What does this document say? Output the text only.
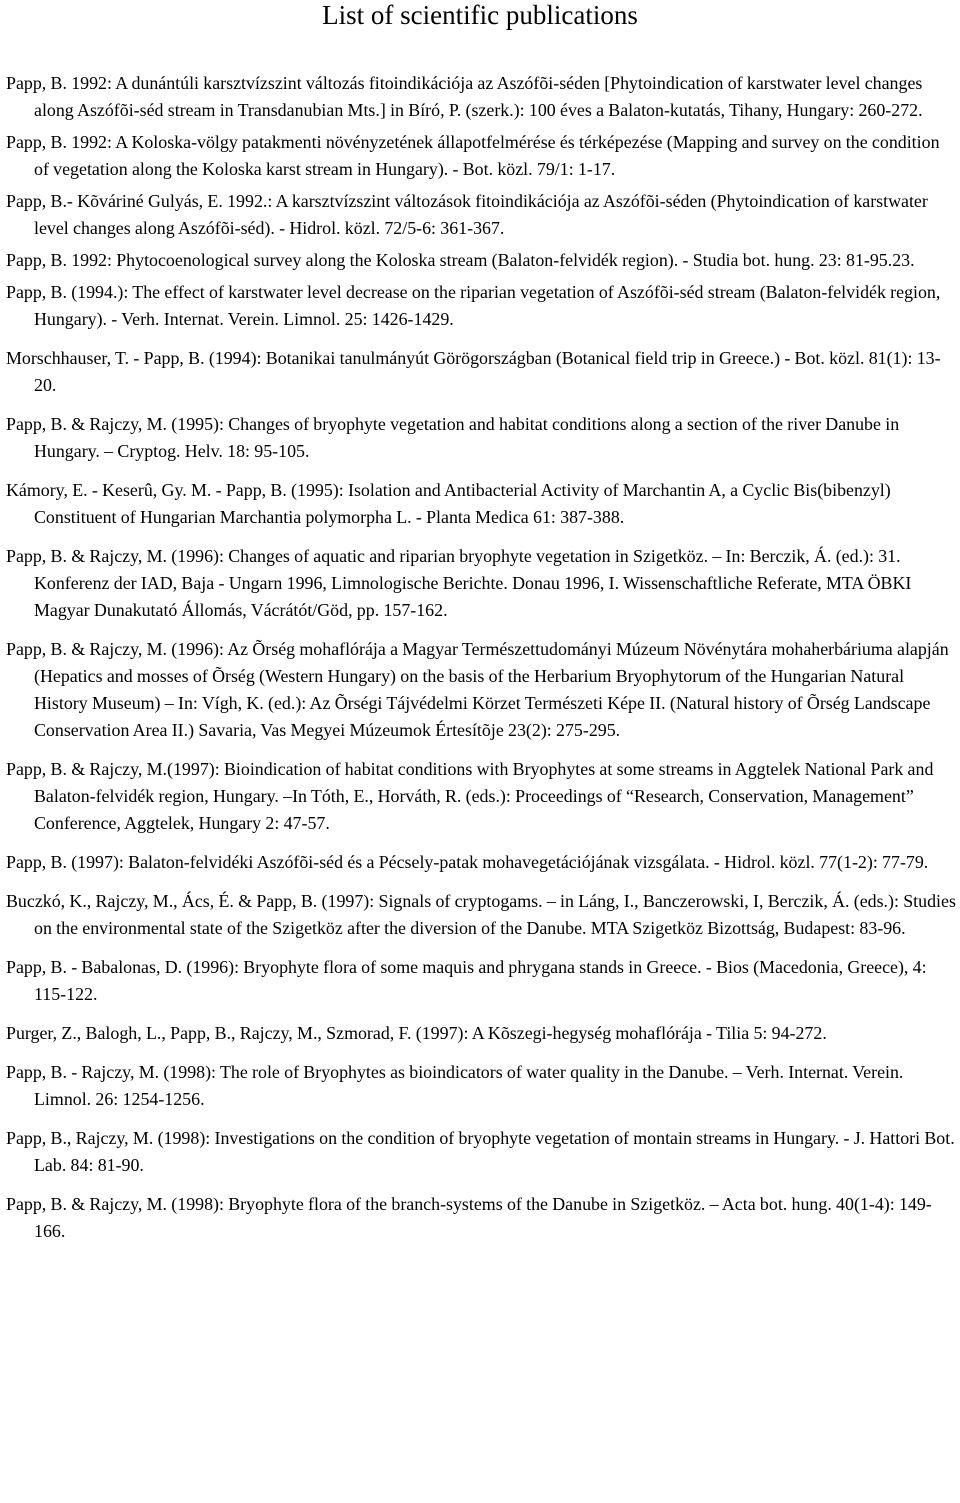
List of scientific publications
Papp, B. 1992: A dunántúli karsztvízszint változás fitoindikációja az Aszófõi-séden [Phytoindication of karstwater level changes along Aszófõi-séd stream in Transdanubian Mts.] in Bíró, P. (szerk.): 100 éves a Balaton-kutatás, Tihany, Hungary: 260-272.
Papp, B. 1992: A Koloska-völgy patakmenti növényzetének állapotfelmérése és térképezése (Mapping and survey on the condition of vegetation along the Koloska karst stream in Hungary). - Bot. közl. 79/1: 1-17.
Papp, B.- Kõváriné Gulyás, E. 1992.: A karsztvízszint változások fitoindikációja az Aszófõi-séden (Phytoindication of karstwater level changes along Aszófõi-séd). - Hidrol. közl. 72/5-6: 361-367.
Papp, B. 1992: Phytocoenological survey along the Koloska stream (Balaton-felvidék region). - Studia bot. hung. 23: 81-95.23.
Papp, B. (1994.): The effect of karstwater level decrease on the riparian vegetation of Aszófõi-séd stream (Balaton-felvidék region, Hungary). - Verh. Internat. Verein. Limnol. 25: 1426-1429.
Morschhauser, T. - Papp, B. (1994): Botanikai tanulmányút Görögországban (Botanical field trip in Greece.) - Bot. közl. 81(1): 13-20.
Papp, B. & Rajczy, M. (1995): Changes of bryophyte vegetation and habitat conditions along a section of the river Danube in Hungary. – Cryptog. Helv. 18: 95-105.
Kámory, E. - Keserû, Gy. M. - Papp, B. (1995): Isolation and Antibacterial Activity of Marchantin A, a Cyclic Bis(bibenzyl) Constituent of Hungarian Marchantia polymorpha L. - Planta Medica 61: 387-388.
Papp, B. & Rajczy, M. (1996): Changes of aquatic and riparian bryophyte vegetation in Szigetköz. – In: Berczik, Á. (ed.): 31. Konferenz der IAD, Baja - Ungarn 1996, Limnologische Berichte. Donau 1996, I. Wissenschaftliche Referate, MTA ÖBKI Magyar Dunakutató Állomás, Vácrátót/Göd, pp. 157-162.
Papp, B. & Rajczy, M. (1996): Az Õrség mohaflórája a Magyar Természettudományi Múzeum Növénytára mohaherbáriuma alapján (Hepatics and mosses of Õrség (Western Hungary) on the basis of the Herbarium Bryophytorum of the Hungarian Natural History Museum) – In: Vígh, K. (ed.): Az Õrségi Tájvédelmi Körzet Természeti Képe II. (Natural history of Õrség Landscape Conservation Area II.) Savaria, Vas Megyei Múzeumok Értesítõje 23(2): 275-295.
Papp, B. & Rajczy, M.(1997): Bioindication of habitat conditions with Bryophytes at some streams in Aggtelek National Park and Balaton-felvidék region, Hungary. –In Tóth, E., Horváth, R. (eds.): Proceedings of “Research, Conservation, Management” Conference, Aggtelek, Hungary 2: 47-57.
Papp, B. (1997): Balaton-felvidéki Aszófõi-séd és a Pécsely-patak mohavegetációjának vizsgálata. - Hidrol. közl. 77(1-2): 77-79.
Buczkó, K., Rajczy, M., Ács, É. & Papp, B. (1997): Signals of cryptogams. – in Láng, I., Banczerowski, I, Berczik, Á. (eds.): Studies on the environmental state of the Szigetköz after the diversion of the Danube. MTA Szigetköz Bizottság, Budapest: 83-96.
Papp, B. - Babalonas, D. (1996): Bryophyte flora of some maquis and phrygana stands in Greece. - Bios (Macedonia, Greece), 4: 115-122.
Purger, Z., Balogh, L., Papp, B., Rajczy, M., Szmorad, F. (1997): A Kõszegi-hegység mohaflórája - Tilia 5: 94-272.
Papp, B. - Rajczy, M. (1998): The role of Bryophytes as bioindicators of water quality in the Danube. – Verh. Internat. Verein. Limnol. 26: 1254-1256.
Papp, B., Rajczy, M. (1998): Investigations on the condition of bryophyte vegetation of montain streams in Hungary. - J. Hattori Bot. Lab. 84: 81-90.
Papp, B. & Rajczy, M. (1998): Bryophyte flora of the branch-systems of the Danube in Szigetköz. – Acta bot. hung. 40(1-4): 149-166.
